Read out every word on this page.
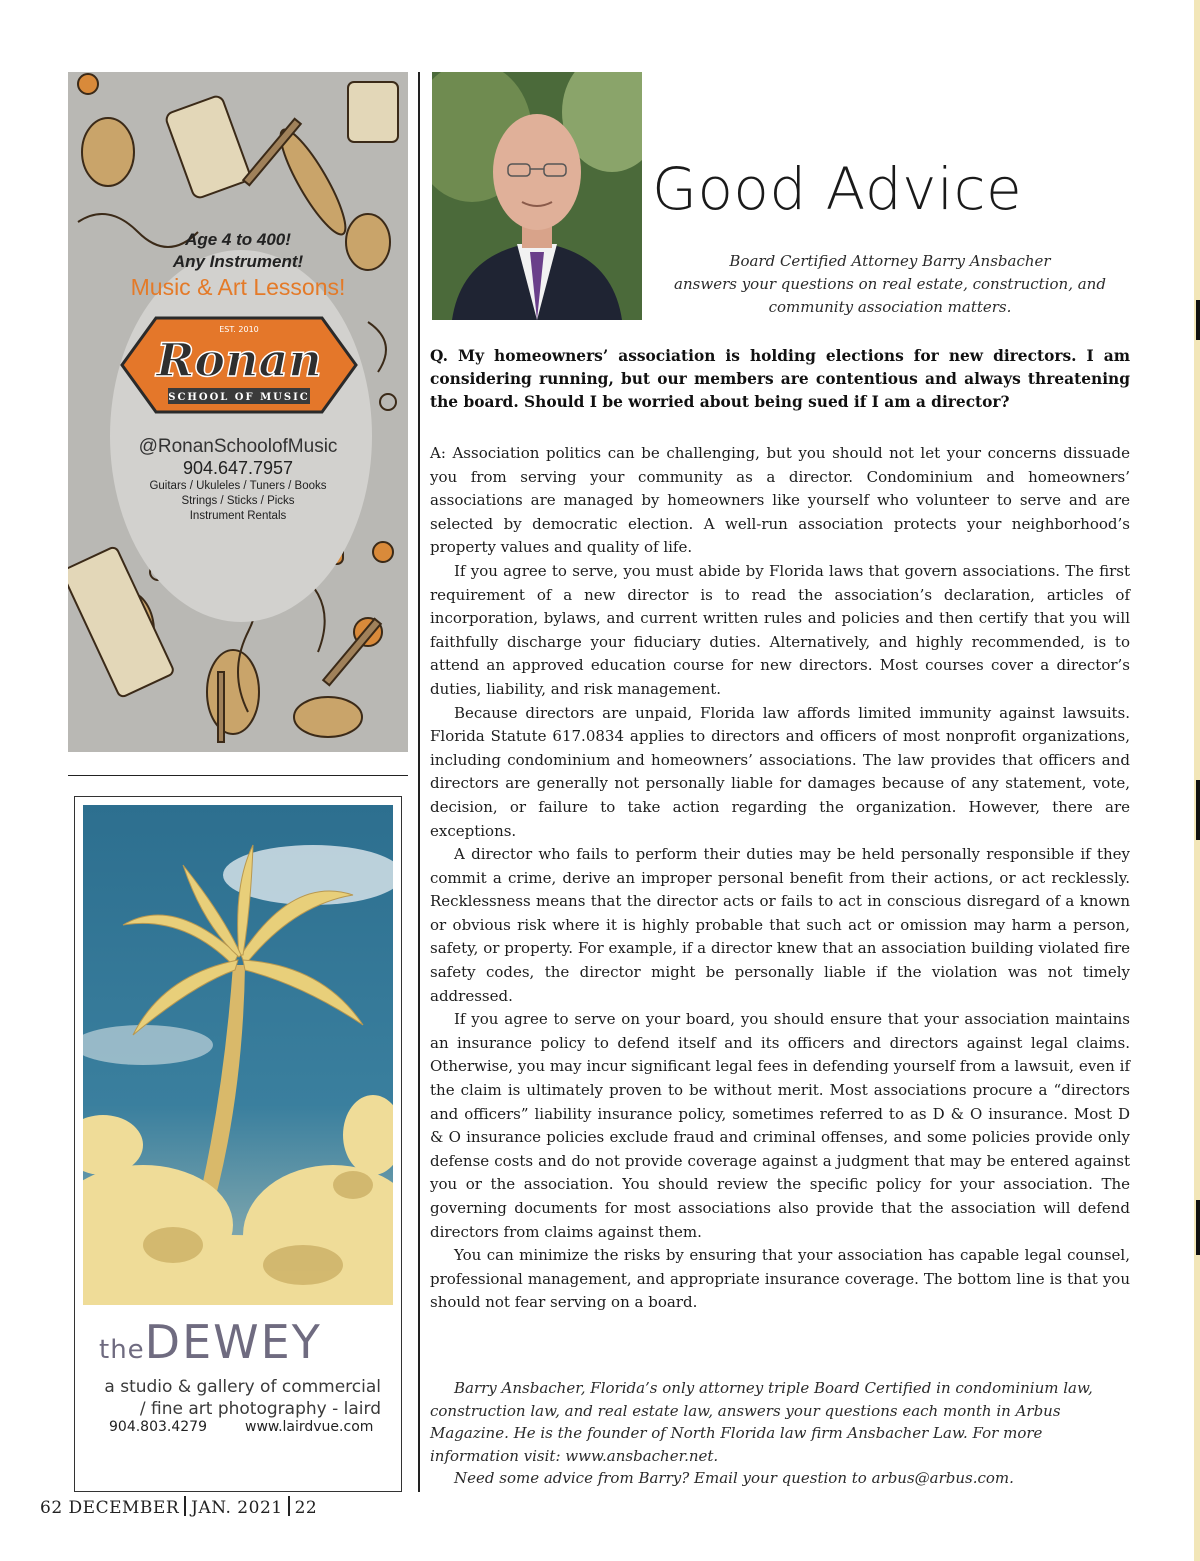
Age 4 to 400!
Any Instrument!
Music & Art Lessons!
EST. 2010
Ronan
SCHOOL OF MUSIC
@RonanSchoolofMusic
904.647.7957
Guitars / Ukuleles / Tuners / Books
Strings / Sticks / Picks
Instrument Rentals
theDEWEY
a studio & gallery of commercial
/ fine art photography - laird
904.803.4279	www.lairdvue.com
Good Advice
Board Certified Attorney Barry Ansbacher
answers your questions on real estate, construction, and
community association matters.
Q. My homeowners’ association is holding elections for new directors. I am considering running, but our members are contentious and always threatening the board. Should I be worried about being sued if I am a director?

A: Association politics can be challenging, but you should not let your concerns dissuade you from serving your community as a director. Condominium and homeowners’ associations are managed by homeowners like yourself who volunteer to serve and are selected by democratic election. A well-run association protects your neighborhood’s property values and quality of life.

If you agree to serve, you must abide by Florida laws that govern associations. The first requirement of a new director is to read the association’s declaration, articles of incorporation, bylaws, and current written rules and policies and then certify that you will faithfully discharge your fiduciary duties. Alternatively, and highly recommended, is to attend an approved education course for new directors. Most courses cover a director’s duties, liability, and risk management.

Because directors are unpaid, Florida law affords limited immunity against lawsuits. Florida Statute 617.0834 applies to directors and officers of most nonprofit organizations, including condominium and homeowners’ associations. The law provides that officers and directors are generally not personally liable for damages because of any statement, vote, decision, or failure to take action regarding the organization. However, there are exceptions.

A director who fails to perform their duties may be held personally responsible if they commit a crime, derive an improper personal benefit from their actions, or act recklessly. Recklessness means that the director acts or fails to act in conscious disregard of a known or obvious risk where it is highly probable that such act or omission may harm a person, safety, or property. For example, if a director knew that an association building violated fire safety codes, the director might be personally liable if the violation was not timely addressed.

If you agree to serve on your board, you should ensure that your association maintains an insurance policy to defend itself and its officers and directors against legal claims. Otherwise, you may incur significant legal fees in defending yourself from a lawsuit, even if the claim is ultimately proven to be without merit. Most associations procure a “directors and officers” liability insurance policy, sometimes referred to as D & O insurance. Most D & O insurance policies exclude fraud and criminal offenses, and some policies provide only defense costs and do not provide coverage against a judgment that may be entered against you or the association. You should review the specific policy for your association. The governing documents for most associations also provide that the association will defend directors from claims against them.

You can minimize the risks by ensuring that your association has capable legal counsel, professional management, and appropriate insurance coverage. The bottom line is that you should not fear serving on a board.

Barry Ansbacher, Florida’s only attorney triple Board Certified in condominium law, construction law, and real estate law, answers your questions each month in Arbus Magazine. He is the founder of North Florida law firm Ansbacher Law. For more information visit: www.ansbacher.net.

Need some advice from Barry? Email your question to arbus@arbus.com.

62 DECEMBER JAN. 2021 22
